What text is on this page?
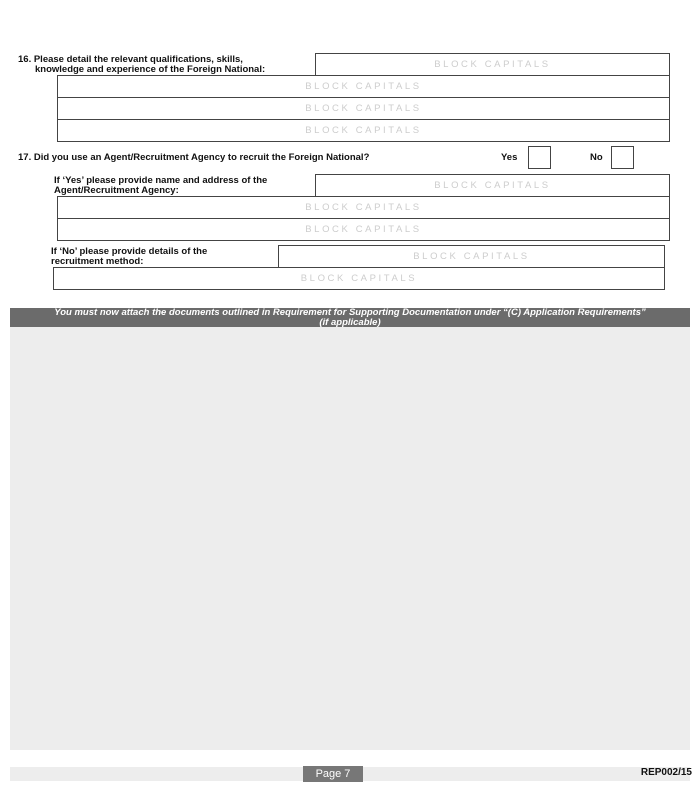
16. Please detail the relevant qualifications, skills,
knowledge and experience of the Foreign National:	BLOCK CAPITALS
BLOCK CAPITALS
BLOCK CAPITALS
BLOCK CAPITALS
17. Did you use an Agent/Recruitment Agency to recruit the Foreign National?	Yes	No
If ‘Yes’ please provide name and address of the
Agent/Recruitment Agency:	BLOCK CAPITALS
BLOCK CAPITALS
BLOCK CAPITALS
If ‘No’ please provide details of the
recruitment method:	BLOCK CAPITALS
BLOCK CAPITALS
You must now attach the documents outlined in Requirement for Supporting Documentation under “(C) Application Requirements”
(if applicable)
Page 7	REP002/15
